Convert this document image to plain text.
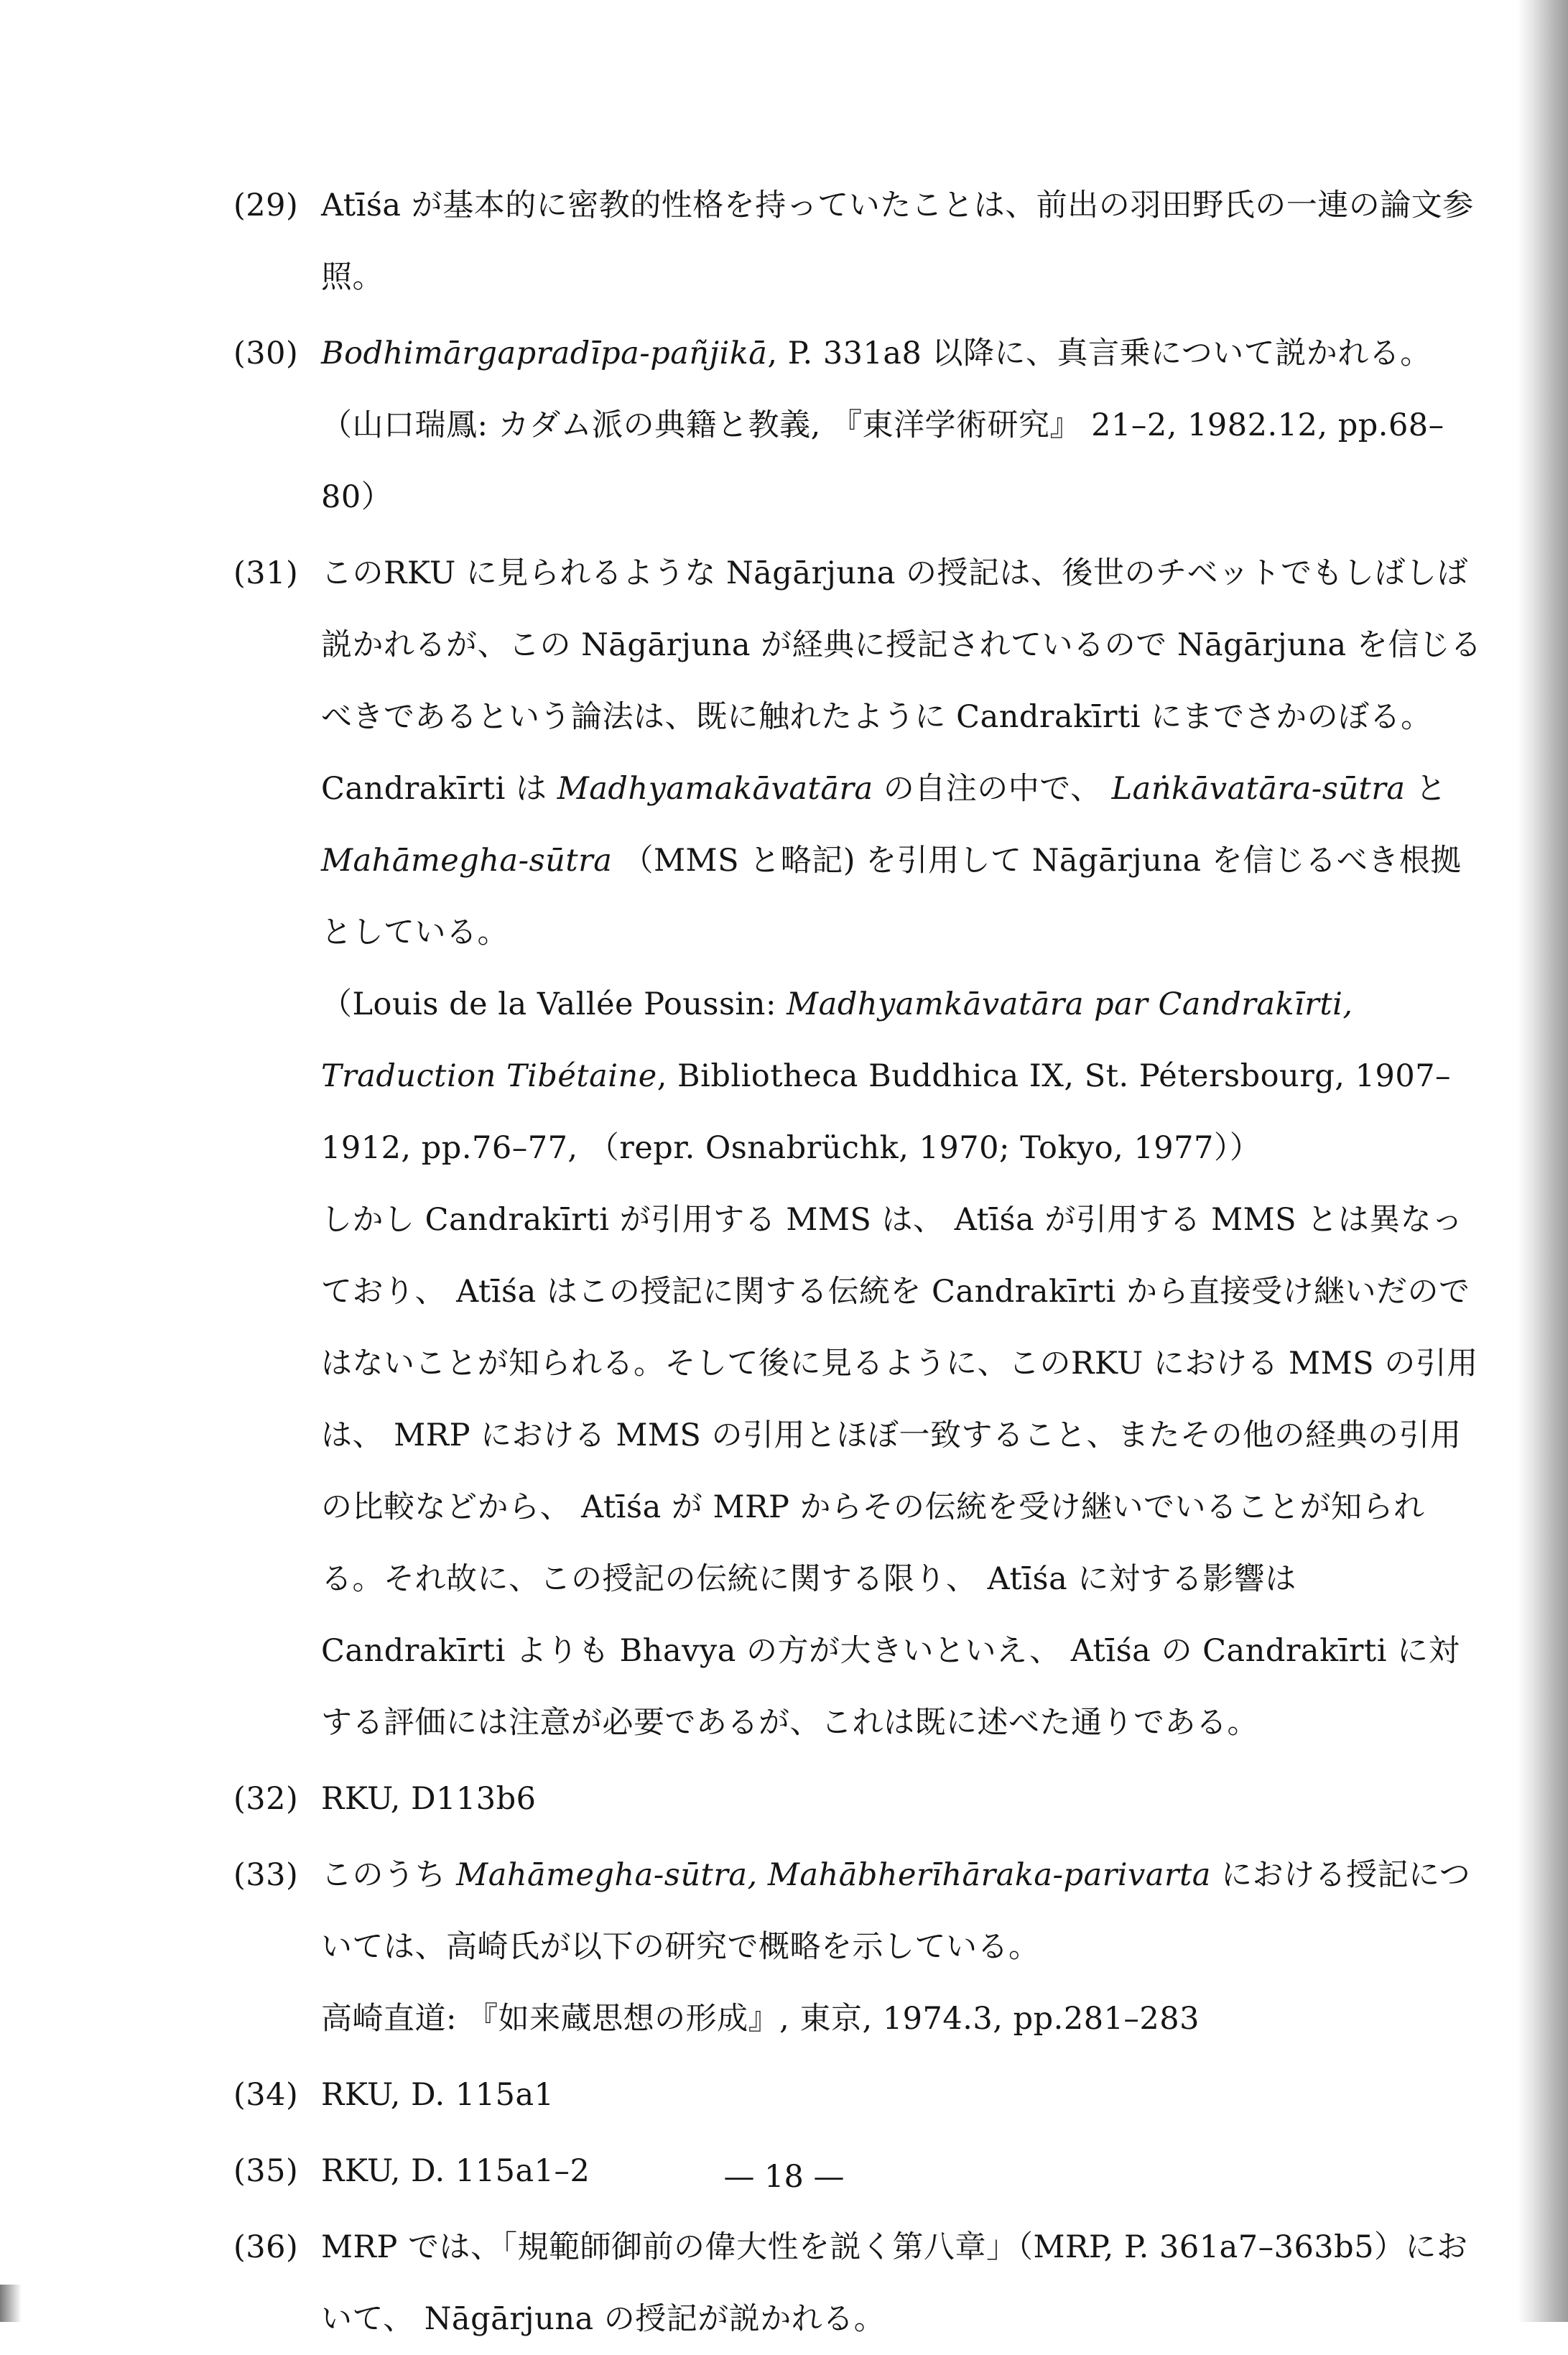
(29) Atīśa が基本的に密教的性格を持っていたことは、前出の羽田野氏の一連の論文参照。
(30) Bodhimārgapradīpa-pañjikā, P. 331a8 以降に、真言乗について説かれる。
（山口瑞鳳: カダム派の典籍と教義, 『東洋学術研究』 21–2, 1982.12, pp.68–80）
(31) このRKU に見られるような Nāgārjuna の授記は、後世のチベットでもしばしば説かれるが、この Nāgārjuna が経典に授記されているので Nāgārjuna を信じるべきであるという論法は、既に触れたように Candrakīrti にまでさかのぼる。 Candrakīrti は Madhyamakāvatāra の自注の中で、 Laṅkāvatāra-sūtra と Mahāmegha-sūtra （MMS と略記) を引用して Nāgārjuna を信じるべき根拠としている。
（Louis de la Vallée Poussin: Madhyamkāvatāra par Candrakīrti, Traduction Tibétaine, Bibliotheca Buddhica IX, St. Pétersbourg, 1907–1912, pp.76–77, （repr. Osnabrüchk, 1970; Tokyo, 1977））
しかし Candrakīrti が引用する MMS は、 Atīśa が引用する MMS とは異なっており、 Atīśa はこの授記に関する伝統を Candrakīrti から直接受け継いだのではないことが知られる。そして後に見るように、このRKU における MMS の引用は、 MRP における MMS の引用とほぼ一致すること、またその他の経典の引用の比較などから、 Atīśa が MRP からその伝統を受け継いでいることが知られる。それ故に、この授記の伝統に関する限り、 Atīśa に対する影響は Candrakīrti よりも Bhavya の方が大きいといえ、 Atīśa の Candrakīrti に対する評価には注意が必要であるが、これは既に述べた通りである。
(32) RKU, D113b6
(33) このうち Mahāmegha-sūtra, Mahābherīhāraka-parivarta における授記については、高崎氏が以下の研究で概略を示している。
高崎直道: 『如来蔵思想の形成』, 東京, 1974.3, pp.281–283
(34) RKU, D. 115a1
(35) RKU, D. 115a1–2
(36) MRP では、「規範師御前の偉大性を説く第八章」（MRP, P. 361a7–363b5）において、 Nāgārjuna の授記が説かれる。
— 18 —
